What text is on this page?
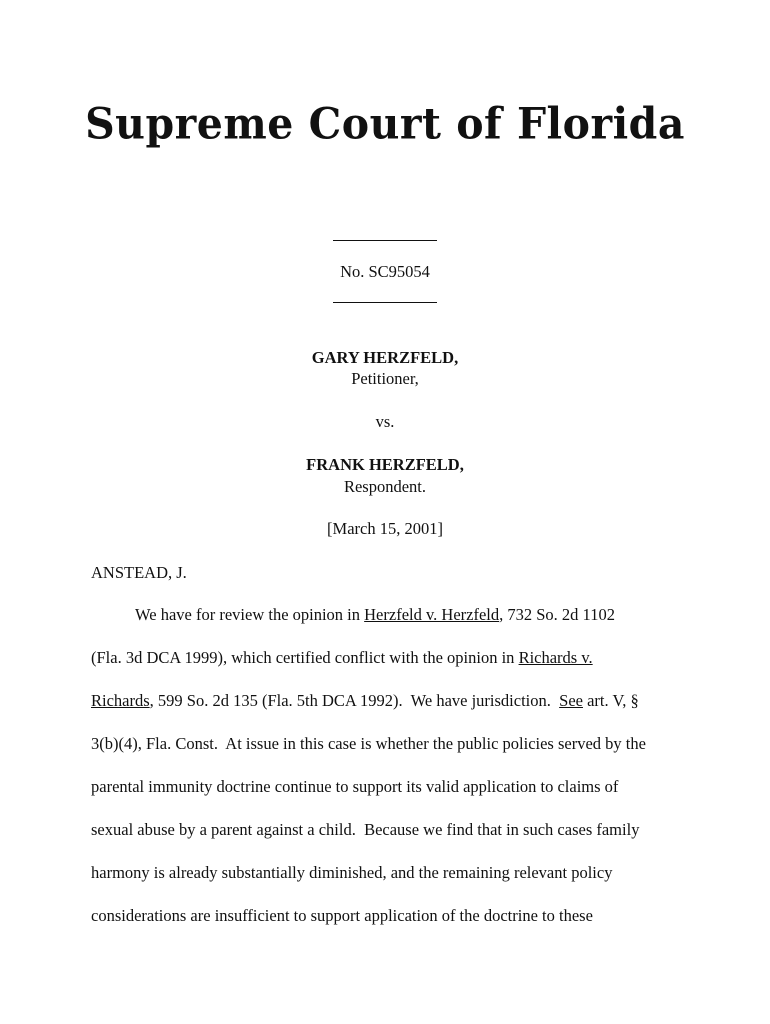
Supreme Court of Florida
No. SC95054
GARY HERZFELD,
Petitioner,
vs.
FRANK HERZFELD,
Respondent.
[March 15, 2001]
ANSTEAD, J.
We have for review the opinion in Herzfeld v. Herzfeld, 732 So. 2d 1102
(Fla. 3d DCA 1999), which certified conflict with the opinion in Richards v.
Richards, 599 So. 2d 135 (Fla. 5th DCA 1992).  We have jurisdiction.  See art. V, §
3(b)(4), Fla. Const.  At issue in this case is whether the public policies served by the
parental immunity doctrine continue to support its valid application to claims of
sexual abuse by a parent against a child.  Because we find that in such cases family
harmony is already substantially diminished, and the remaining relevant policy
considerations are insufficient to support application of the doctrine to these
